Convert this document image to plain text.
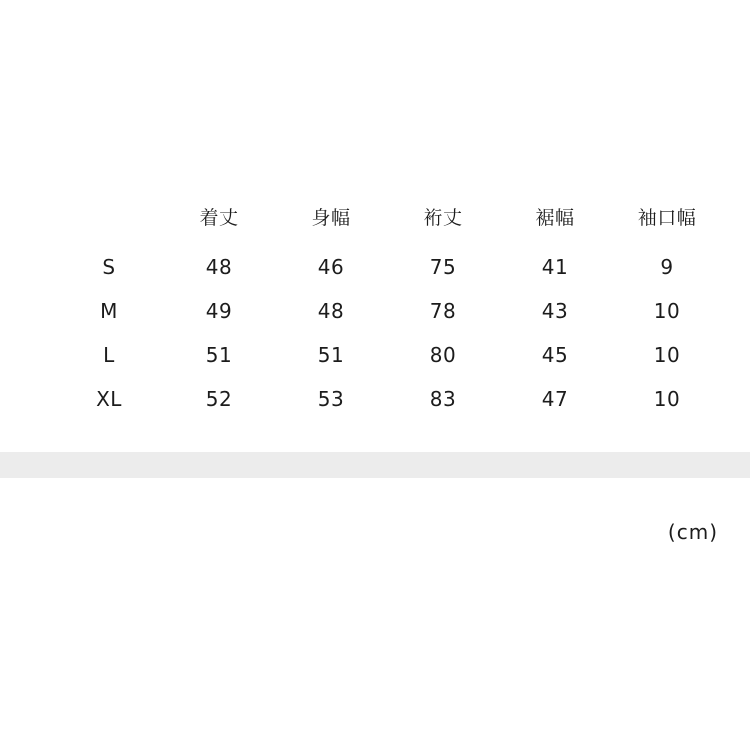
	着丈	身幅	裄丈	裾幅	袖口幅
S	48	46	75	41	9
M	49	48	78	43	10
L	51	51	80	45	10
XL	52	53	83	47	10
(cm)
